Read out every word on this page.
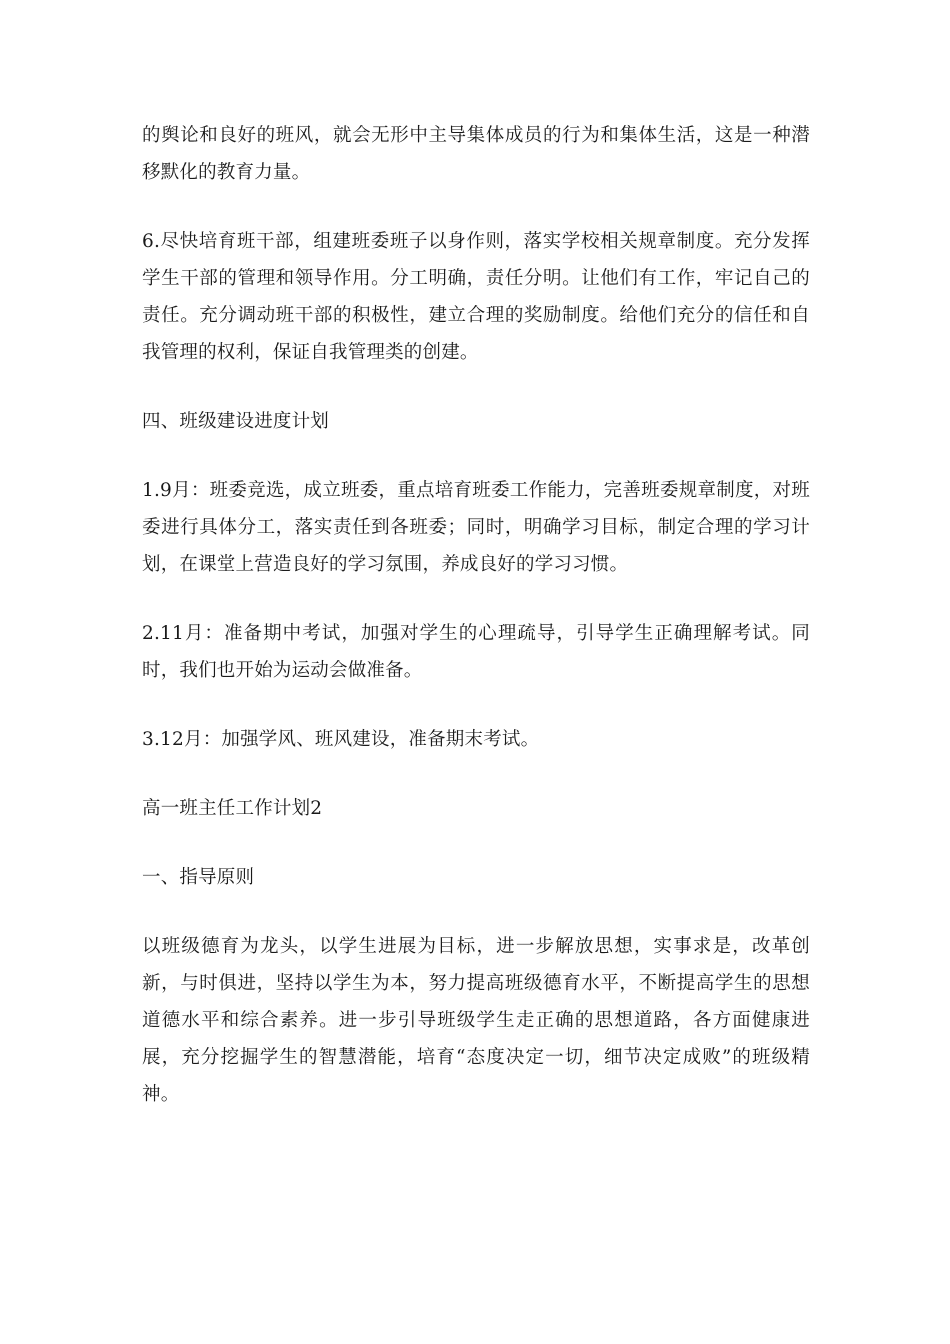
的舆论和良好的班风，就会无形中主导集体成员的行为和集体生活，这是一种潜移默化的教育力量。

6.尽快培育班干部，组建班委班子以身作则，落实学校相关规章制度。充分发挥学生干部的管理和领导作用。分工明确，责任分明。让他们有工作，牢记自己的责任。充分调动班干部的积极性，建立合理的奖励制度。给他们充分的信任和自我管理的权利，保证自我管理类的创建。

四、班级建设进度计划

1.9月：班委竞选，成立班委，重点培育班委工作能力，完善班委规章制度，对班委进行具体分工，落实责任到各班委；同时，明确学习目标，制定合理的学习计划，在课堂上营造良好的学习氛围，养成良好的学习习惯。

2.11月：准备期中考试，加强对学生的心理疏导，引导学生正确理解考试。同时，我们也开始为运动会做准备。

3.12月：加强学风、班风建设，准备期末考试。

高一班主任工作计划2

一、指导原则

以班级德育为龙头，以学生进展为目标，进一步解放思想，实事求是，改革创新，与时俱进，坚持以学生为本，努力提高班级德育水平，不断提高学生的思想道德水平和综合素养。进一步引导班级学生走正确的思想道路，各方面健康进展，充分挖掘学生的智慧潜能，培育“态度决定一切，细节决定成败”的班级精神。
